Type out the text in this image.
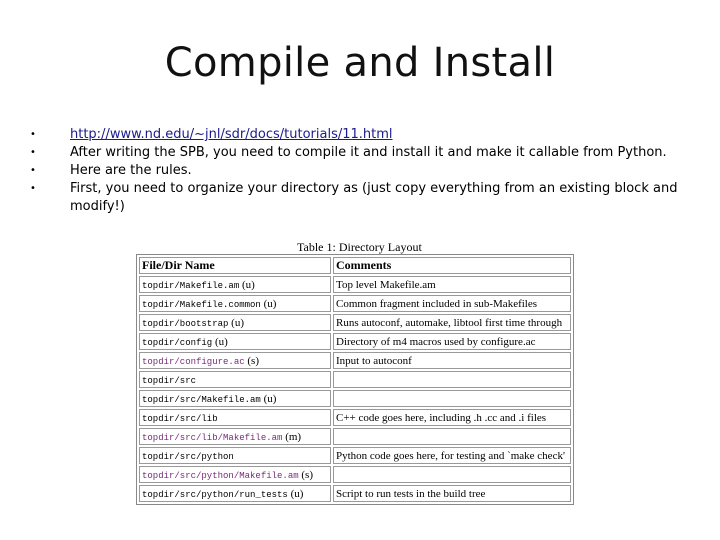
Compile and Install
•	http://www.nd.edu/~jnl/sdr/docs/tutorials/11.html
•	After writing the SPB, you need to compile it and install it and make it callable from Python.
•	Here are the rules.
•	First, you need to organize your directory as (just copy everything from an existing block and modify!)
Table 1: Directory Layout
File/Dir Name	Comments
topdir/Makefile.am (u)	Top level Makefile.am
topdir/Makefile.common (u)	Common fragment included in sub-Makefiles
topdir/bootstrap (u)	Runs autoconf, automake, libtool first time through
topdir/config (u)	Directory of m4 macros used by configure.ac
topdir/configure.ac (s)	Input to autoconf
topdir/src	
topdir/src/Makefile.am (u)	
topdir/src/lib	C++ code goes here, including .h .cc and .i files
topdir/src/lib/Makefile.am (m)	
topdir/src/python	Python code goes here, for testing and `make check'
topdir/src/python/Makefile.am (s)	
topdir/src/python/run_tests (u)	Script to run tests in the build tree
